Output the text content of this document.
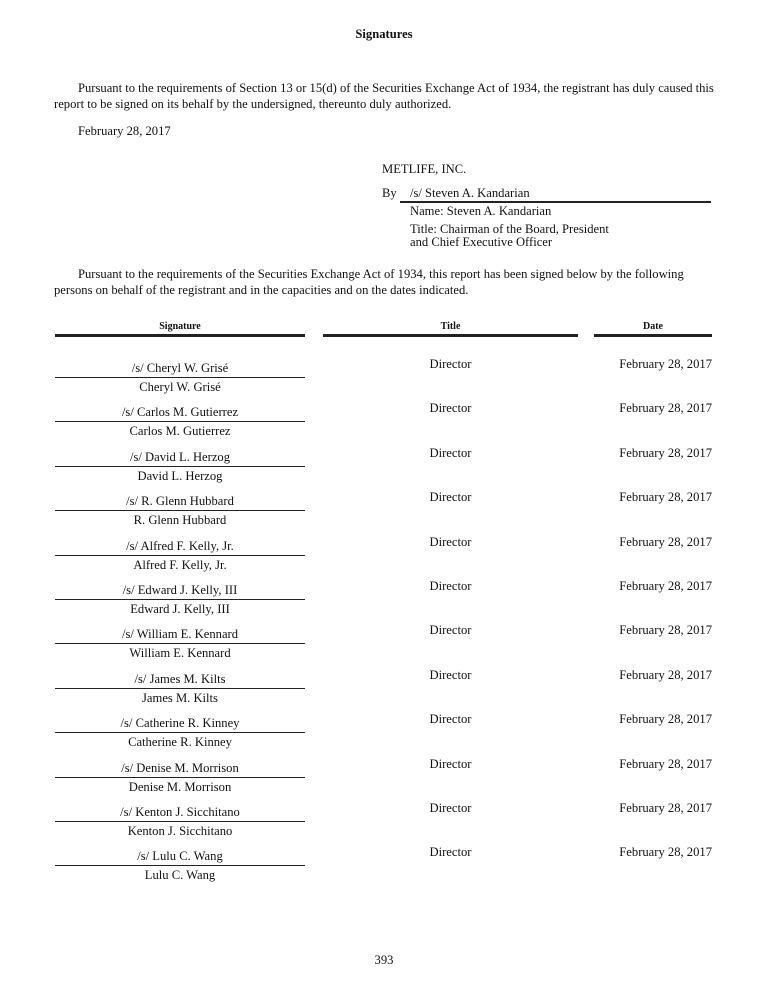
Signatures
Pursuant to the requirements of Section 13 or 15(d) of the Securities Exchange Act of 1934, the registrant has duly caused this report to be signed on its behalf by the undersigned, thereunto duly authorized.
February 28, 2017
METLIFE, INC.
By /s/ Steven A. Kandarian
Name: Steven A. Kandarian
Title: Chairman of the Board, President
and Chief Executive Officer
Pursuant to the requirements of the Securities Exchange Act of 1934, this report has been signed below by the following persons on behalf of the registrant and in the capacities and on the dates indicated.
Signature	Title	Date
/s/ Cheryl W. Grisé
Cheryl W. Grisé
Director	February 28, 2017
/s/ Carlos M. Gutierrez
Carlos M. Gutierrez
Director	February 28, 2017
/s/ David L. Herzog
David L. Herzog
Director	February 28, 2017
/s/ R. Glenn Hubbard
R. Glenn Hubbard
Director	February 28, 2017
/s/ Alfred F. Kelly, Jr.
Alfred F. Kelly, Jr.
Director	February 28, 2017
/s/ Edward J. Kelly, III
Edward J. Kelly, III
Director	February 28, 2017
/s/ William E. Kennard
William E. Kennard
Director	February 28, 2017
/s/ James M. Kilts
James M. Kilts
Director	February 28, 2017
/s/ Catherine R. Kinney
Catherine R. Kinney
Director	February 28, 2017
/s/ Denise M. Morrison
Denise M. Morrison
Director	February 28, 2017
/s/ Kenton J. Sicchitano
Kenton J. Sicchitano
Director	February 28, 2017
/s/ Lulu C. Wang
Lulu C. Wang
Director	February 28, 2017
393
